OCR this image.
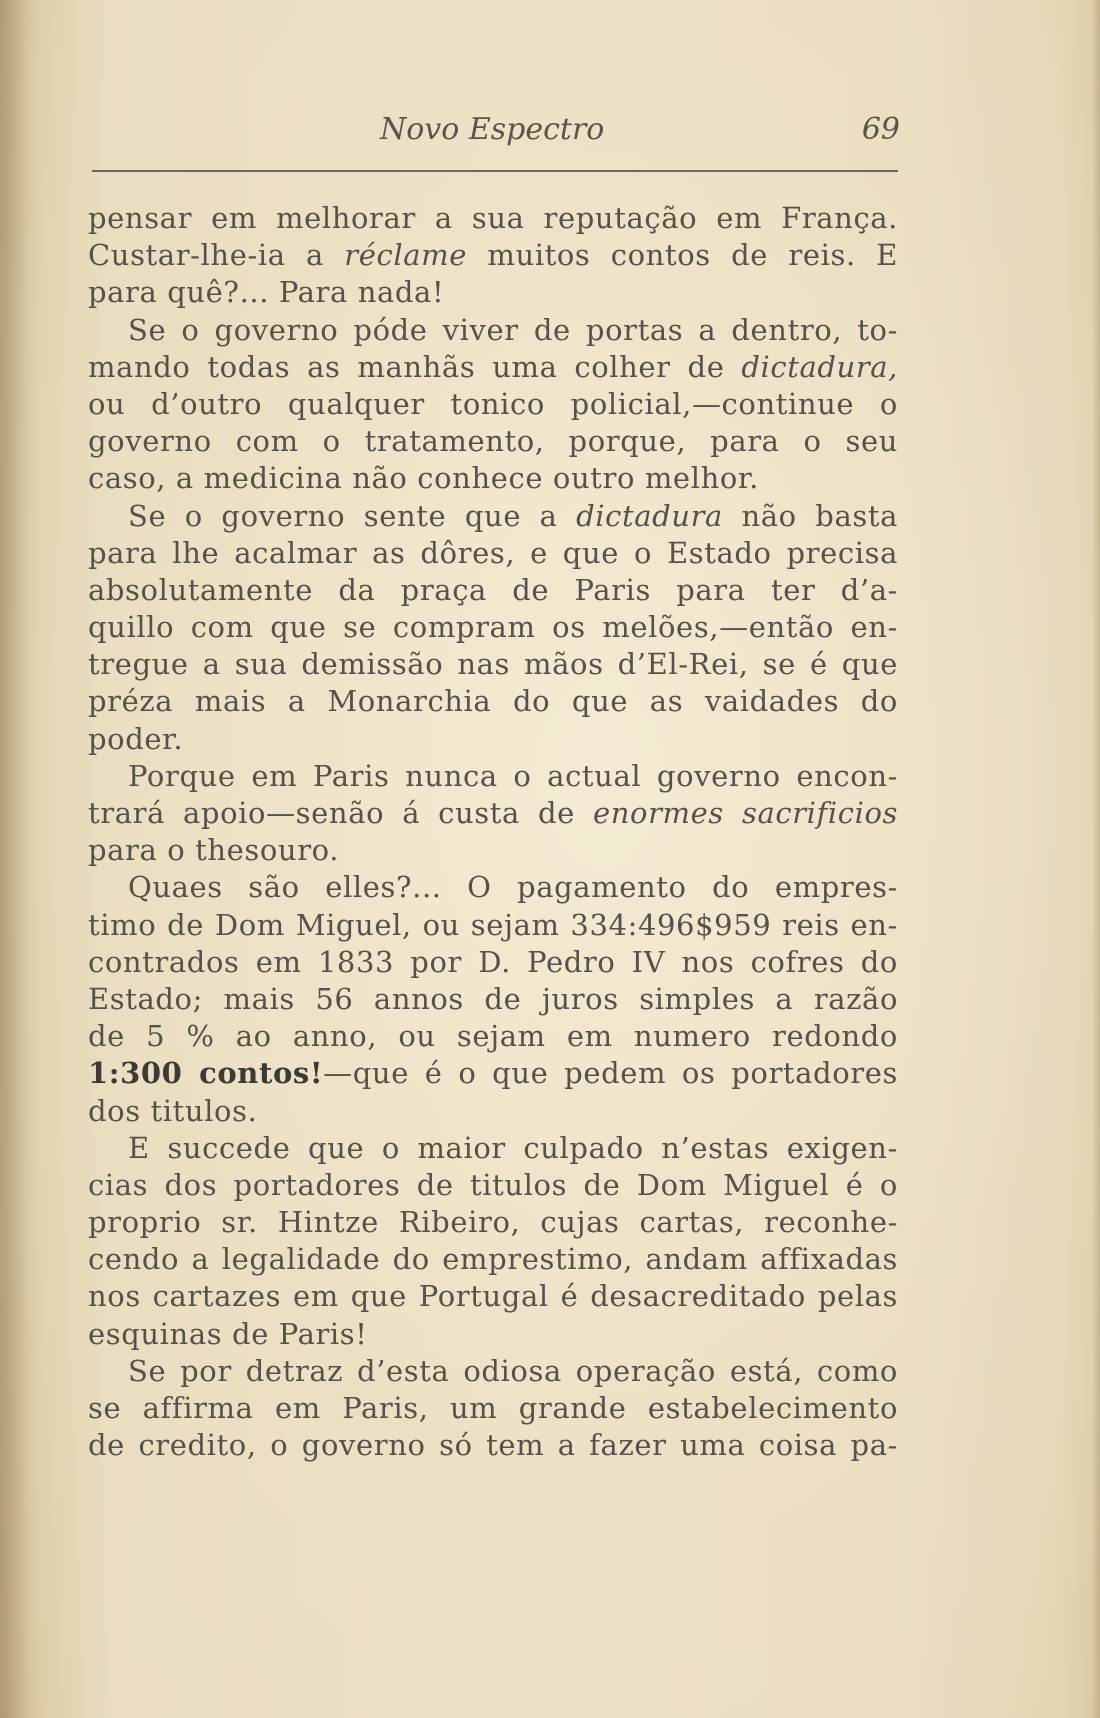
Novo Espectro	69
pensar em melhorar a sua reputação em França.
Custar-lhe-ia a réclame muitos contos de reis. E
para quê?... Para nada!
Se o governo póde viver de portas a dentro, to-
mando todas as manhãs uma colher de dictadura,
ou d’outro qualquer tonico policial,—continue o
governo com o tratamento, porque, para o seu
caso, a medicina não conhece outro melhor.
Se o governo sente que a dictadura não basta
para lhe acalmar as dôres, e que o Estado precisa
absolutamente da praça de Paris para ter d’a-
quillo com que se compram os melões,—então en-
tregue a sua demissão nas mãos d’El-Rei, se é que
préza mais a Monarchia do que as vaidades do
poder.
Porque em Paris nunca o actual governo encon-
trará apoio—senão á custa de enormes sacrificios
para o thesouro.
Quaes são elles?... O pagamento do empres-
timo de Dom Miguel, ou sejam 334:496$959 reis en-
contrados em 1833 por D. Pedro IV nos cofres do
Estado; mais 56 annos de juros simples a razão
de 5 % ao anno, ou sejam em numero redondo
1:300 contos!—que é o que pedem os portadores
dos titulos.
E succede que o maior culpado n’estas exigen-
cias dos portadores de titulos de Dom Miguel é o
proprio sr. Hintze Ribeiro, cujas cartas, reconhe-
cendo a legalidade do emprestimo, andam affixadas
nos cartazes em que Portugal é desacreditado pelas
esquinas de Paris!
Se por detraz d’esta odiosa operação está, como
se affirma em Paris, um grande estabelecimento
de credito, o governo só tem a fazer uma coisa pa-
